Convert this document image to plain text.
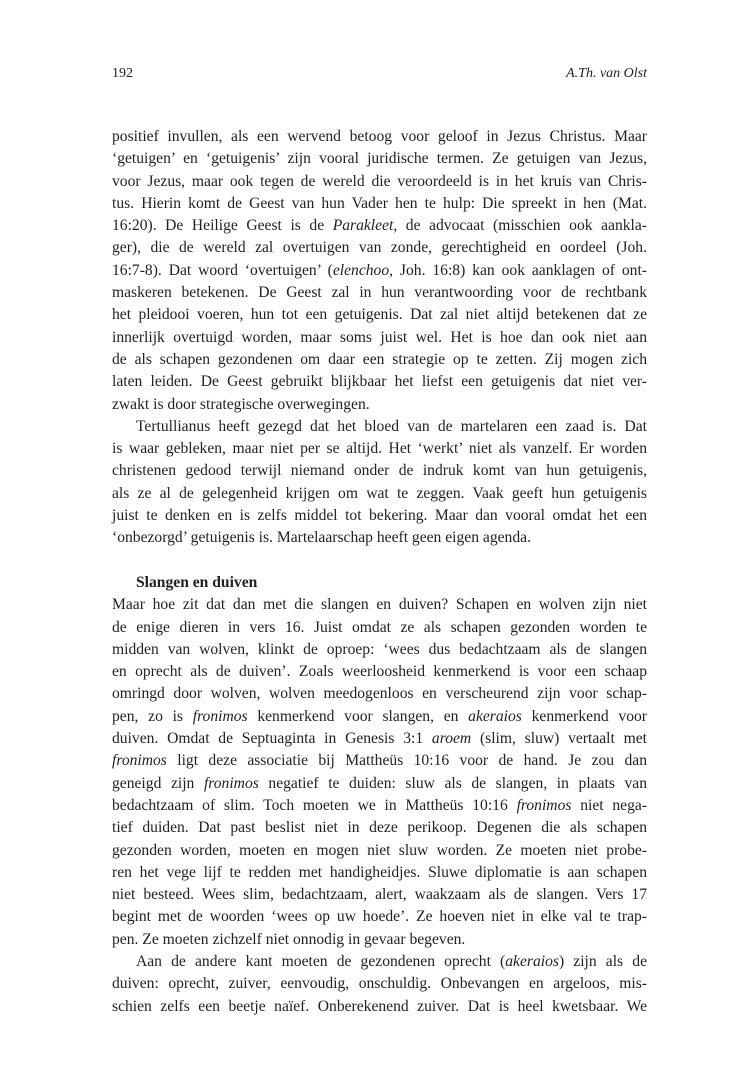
192	A.Th. van Olst
positief invullen, als een wervend betoog voor geloof in Jezus Christus. Maar
‘getuigen’ en ‘getuigenis’ zijn vooral juridische termen. Ze getuigen van Jezus,
voor Jezus, maar ook tegen de wereld die veroordeeld is in het kruis van Chris-
tus. Hierin komt de Geest van hun Vader hen te hulp: Die spreekt in hen (Mat.
16:20). De Heilige Geest is de Parakleet, de advocaat (misschien ook aankla-
ger), die de wereld zal overtuigen van zonde, gerechtigheid en oordeel (Joh.
16:7-8). Dat woord ‘overtuigen’ (elenchoo, Joh. 16:8) kan ook aanklagen of ont-
maskeren betekenen. De Geest zal in hun verantwoording voor de rechtbank
het pleidooi voeren, hun tot een getuigenis. Dat zal niet altijd betekenen dat ze
innerlijk overtuigd worden, maar soms juist wel. Het is hoe dan ook niet aan
de als schapen gezondenen om daar een strategie op te zetten. Zij mogen zich
laten leiden. De Geest gebruikt blijkbaar het liefst een getuigenis dat niet ver-
zwakt is door strategische overwegingen.
Tertullianus heeft gezegd dat het bloed van de martelaren een zaad is. Dat
is waar gebleken, maar niet per se altijd. Het ‘werkt’ niet als vanzelf. Er worden
christenen gedood terwijl niemand onder de indruk komt van hun getuigenis,
als ze al de gelegenheid krijgen om wat te zeggen. Vaak geeft hun getuigenis
juist te denken en is zelfs middel tot bekering. Maar dan vooral omdat het een
‘onbezorgd’ getuigenis is. Martelaarschap heeft geen eigen agenda.
Slangen en duiven
Maar hoe zit dat dan met die slangen en duiven? Schapen en wolven zijn niet
de enige dieren in vers 16. Juist omdat ze als schapen gezonden worden te
midden van wolven, klinkt de oproep: ‘wees dus bedachtzaam als de slangen
en oprecht als de duiven’. Zoals weerloosheid kenmerkend is voor een schaap
omringd door wolven, wolven meedogenloos en verscheurend zijn voor schap-
pen, zo is fronimos kenmerkend voor slangen, en akeraios kenmerkend voor
duiven. Omdat de Septuaginta in Genesis 3:1 aroem (slim, sluw) vertaalt met
fronimos ligt deze associatie bij Mattheüs 10:16 voor de hand. Je zou dan
geneigd zijn fronimos negatief te duiden: sluw als de slangen, in plaats van
bedachtzaam of slim. Toch moeten we in Mattheüs 10:16 fronimos niet nega-
tief duiden. Dat past beslist niet in deze perikoop. Degenen die als schapen
gezonden worden, moeten en mogen niet sluw worden. Ze moeten niet probe-
ren het vege lijf te redden met handigheidjes. Sluwe diplomatie is aan schapen
niet besteed. Wees slim, bedachtzaam, alert, waakzaam als de slangen. Vers 17
begint met de woorden ‘wees op uw hoede’. Ze hoeven niet in elke val te trap-
pen. Ze moeten zichzelf niet onnodig in gevaar begeven.
Aan de andere kant moeten de gezondenen oprecht (akeraios) zijn als de
duiven: oprecht, zuiver, eenvoudig, onschuldig. Onbevangen en argeloos, mis-
schien zelfs een beetje naïef. Onberekenend zuiver. Dat is heel kwetsbaar. We
